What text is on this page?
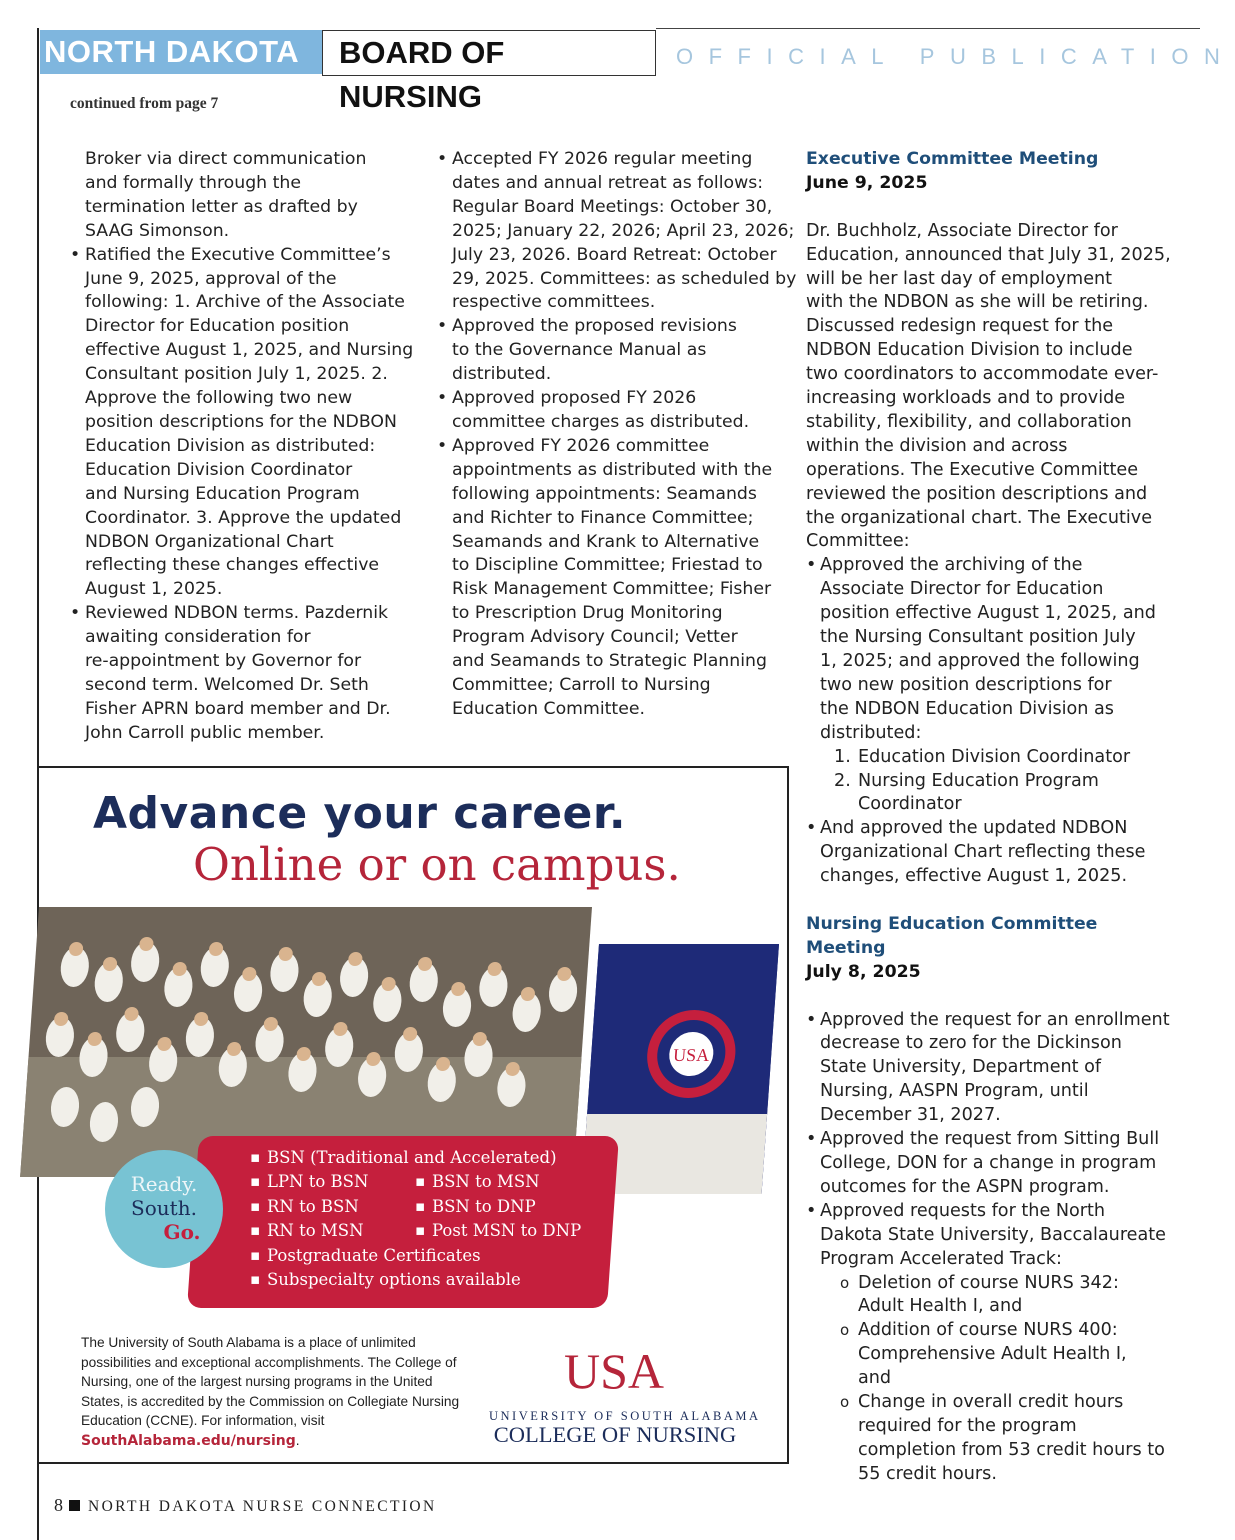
NORTH DAKOTA	BOARD OF NURSING
OFFICIAL PUBLICATION
continued from page 7
Broker via direct communication
and formally through the
termination letter as drafted by
SAAG Simonson.
• Ratified the Executive Committee’s
June 9, 2025, approval of the
following: 1. Archive of the Associate
Director for Education position
effective August 1, 2025, and Nursing
Consultant position July 1, 2025. 2.
Approve the following two new
position descriptions for the NDBON
Education Division as distributed:
Education Division Coordinator
and Nursing Education Program
Coordinator. 3. Approve the updated
NDBON Organizational Chart
reflecting these changes effective
August 1, 2025.
• Reviewed NDBON terms. Pazdernik
awaiting consideration for
re-appointment by Governor for
second term. Welcomed Dr. Seth
Fisher APRN board member and Dr.
John Carroll public member.
• Accepted FY 2026 regular meeting
dates and annual retreat as follows:
Regular Board Meetings: October 30,
2025; January 22, 2026; April 23, 2026;
July 23, 2026. Board Retreat: October
29, 2025. Committees: as scheduled by
respective committees.
• Approved the proposed revisions
to the Governance Manual as
distributed.
• Approved proposed FY 2026
committee charges as distributed.
• Approved FY 2026 committee
appointments as distributed with the
following appointments: Seamands
and Richter to Finance Committee;
Seamands and Krank to Alternative
to Discipline Committee; Friestad to
Risk Management Committee; Fisher
to Prescription Drug Monitoring
Program Advisory Council; Vetter
and Seamands to Strategic Planning
Committee; Carroll to Nursing
Education Committee.
Executive Committee Meeting
June 9, 2025
Dr. Buchholz, Associate Director for
Education, announced that July 31, 2025,
will be her last day of employment
with the NDBON as she will be retiring.
Discussed redesign request for the
NDBON Education Division to include
two coordinators to accommodate ever-
increasing workloads and to provide
stability, flexibility, and collaboration
within the division and across
operations. The Executive Committee
reviewed the position descriptions and
the organizational chart. The Executive
Committee:
• Approved the archiving of the
Associate Director for Education
position effective August 1, 2025, and
the Nursing Consultant position July
1, 2025; and approved the following
two new position descriptions for
the NDBON Education Division as
distributed:
1. Education Division Coordinator
2. Nursing Education Program
Coordinator
• And approved the updated NDBON
Organizational Chart reflecting these
changes, effective August 1, 2025.
Nursing Education Committee Meeting
July 8, 2025
• Approved the request for an enrollment
decrease to zero for the Dickinson
State University, Department of
Nursing, AASPN Program, until
December 31, 2027.
• Approved the request from Sitting Bull
College, DON for a change in program
outcomes for the ASPN program.
• Approved requests for the North
Dakota State University, Baccalaureate
Program Accelerated Track:
o Deletion of course NURS 342:
Adult Health I, and
o Addition of course NURS 400:
Comprehensive Adult Health I,
and
o Change in overall credit hours
required for the program
completion from 53 credit hours to
55 credit hours.
Advance your career.
Online or on campus.
USA
▪ BSN (Traditional and Accelerated)
▪ LPN to BSN	▪ BSN to MSN
▪ RN to BSN	▪ BSN to DNP
▪ RN to MSN	▪ Post MSN to DNP
▪ Postgraduate Certificates
▪ Subspecialty options available
Ready.
South.
Go.
The University of South Alabama is a place of unlimited possibilities and exceptional accomplishments. The College of Nursing, one of the largest nursing programs in the United States, is accredited by the Commission on Collegiate Nursing Education (CCNE). For information, visit SouthAlabama.edu/nursing.
USA
UNIVERSITY OF SOUTH ALABAMA
COLLEGE OF NURSING
8 NORTH DAKOTA NURSE CONNECTION
